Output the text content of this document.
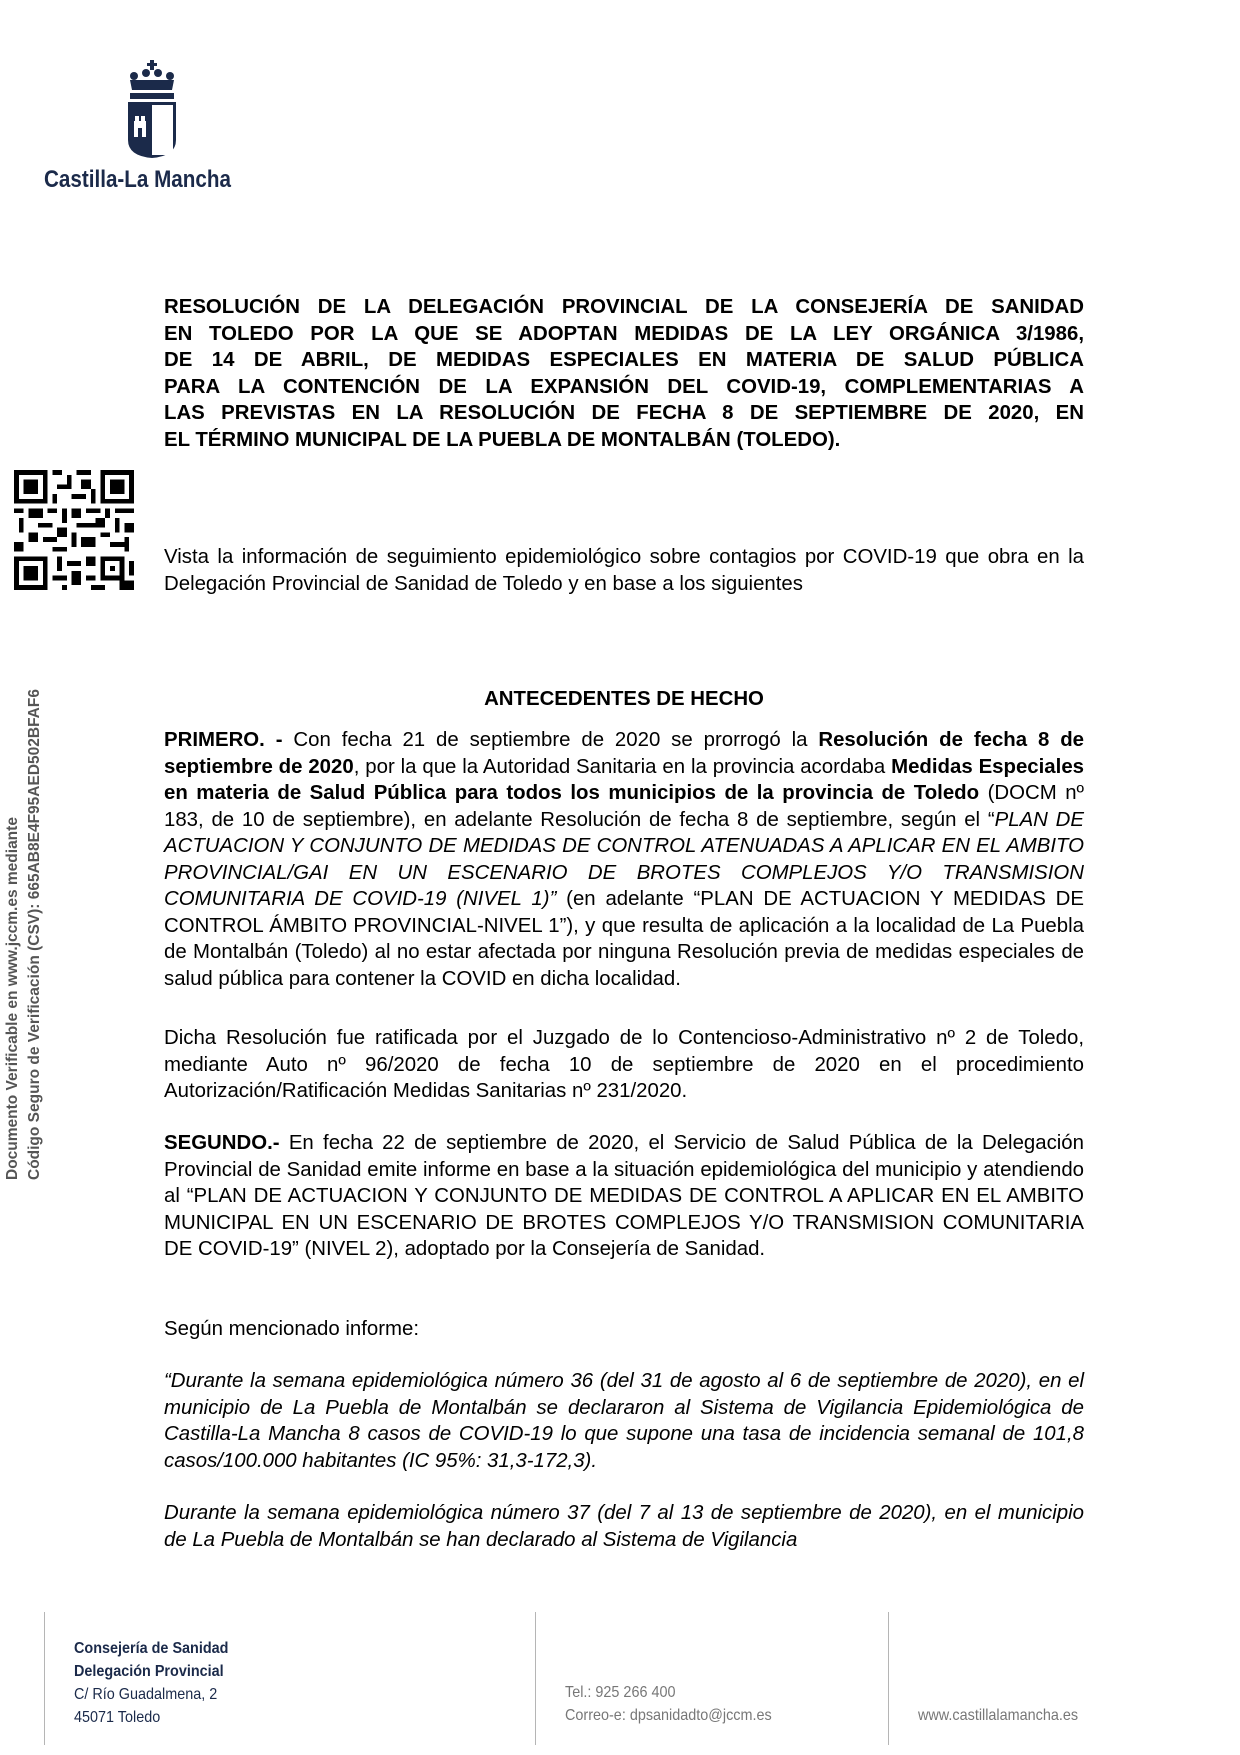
Castilla-La Mancha
Documento Verificable en www.jccm.es mediante Código Seguro de Verificación (CSV): 665AB8E4F95AED502BFAF6
RESOLUCIÓN DE LA DELEGACIÓN PROVINCIAL DE LA CONSEJERÍA DE SANIDAD
EN TOLEDO POR LA QUE SE ADOPTAN MEDIDAS DE LA LEY ORGÁNICA 3/1986,
DE 14 DE ABRIL, DE MEDIDAS ESPECIALES EN MATERIA DE SALUD PÚBLICA
PARA LA CONTENCIÓN DE LA EXPANSIÓN DEL COVID-19, COMPLEMENTARIAS A
LAS PREVISTAS EN LA RESOLUCIÓN DE FECHA 8 DE SEPTIEMBRE DE 2020, EN
EL TÉRMINO MUNICIPAL DE LA PUEBLA DE MONTALBÁN (TOLEDO).

Vista la información de seguimiento epidemiológico sobre contagios por COVID-19 que obra en la Delegación Provincial de Sanidad de Toledo y en base a los siguientes

ANTECEDENTES DE HECHO

PRIMERO. - Con fecha 21 de septiembre de 2020 se prorrogó la Resolución de fecha 8 de septiembre de 2020, por la que la Autoridad Sanitaria en la provincia acordaba Medidas Especiales en materia de Salud Pública para todos los municipios de la provincia de Toledo (DOCM nº 183, de 10 de septiembre), en adelante Resolución de fecha 8 de septiembre, según el “PLAN DE ACTUACION Y CONJUNTO DE MEDIDAS DE CONTROL ATENUADAS A APLICAR EN EL AMBITO PROVINCIAL/GAI EN UN ESCENARIO DE BROTES COMPLEJOS Y/O TRANSMISION COMUNITARIA DE COVID-19 (NIVEL 1)” (en adelante “PLAN DE ACTUACION Y MEDIDAS DE CONTROL ÁMBITO PROVINCIAL-NIVEL 1”), y que resulta de aplicación a la localidad de La Puebla de Montalbán (Toledo) al no estar afectada por ninguna Resolución previa de medidas especiales de salud pública para contener la COVID en dicha localidad.

Dicha Resolución fue ratificada por el Juzgado de lo Contencioso-Administrativo nº 2 de Toledo, mediante Auto nº 96/2020 de fecha 10 de septiembre de 2020 en el procedimiento Autorización/Ratificación Medidas Sanitarias nº 231/2020.

SEGUNDO.- En fecha 22 de septiembre de 2020, el Servicio de Salud Pública de la Delegación Provincial de Sanidad emite informe en base a la situación epidemiológica del municipio y atendiendo al “PLAN DE ACTUACION Y CONJUNTO DE MEDIDAS DE CONTROL A APLICAR EN EL AMBITO MUNICIPAL EN UN ESCENARIO DE BROTES COMPLEJOS Y/O TRANSMISION COMUNITARIA DE COVID-19” (NIVEL 2), adoptado por la Consejería de Sanidad.

Según mencionado informe:

“Durante la semana epidemiológica número 36 (del 31 de agosto al 6 de septiembre de 2020), en el municipio de La Puebla de Montalbán se declararon al Sistema de Vigilancia Epidemiológica de Castilla-La Mancha 8 casos de COVID-19 lo que supone una tasa de incidencia semanal de 101,8 casos/100.000 habitantes (IC 95%: 31,3-172,3).

Durante la semana epidemiológica número 37 (del 7 al 13 de septiembre de 2020), en el municipio de La Puebla de Montalbán se han declarado al Sistema de Vigilancia

Consejería de Sanidad
Delegación Provincial
C/ Río Guadalmena, 2
45071 Toledo
Tel.: 925 266 400
Correo-e: dpsanidadto@jccm.es	www.castillalamancha.es
